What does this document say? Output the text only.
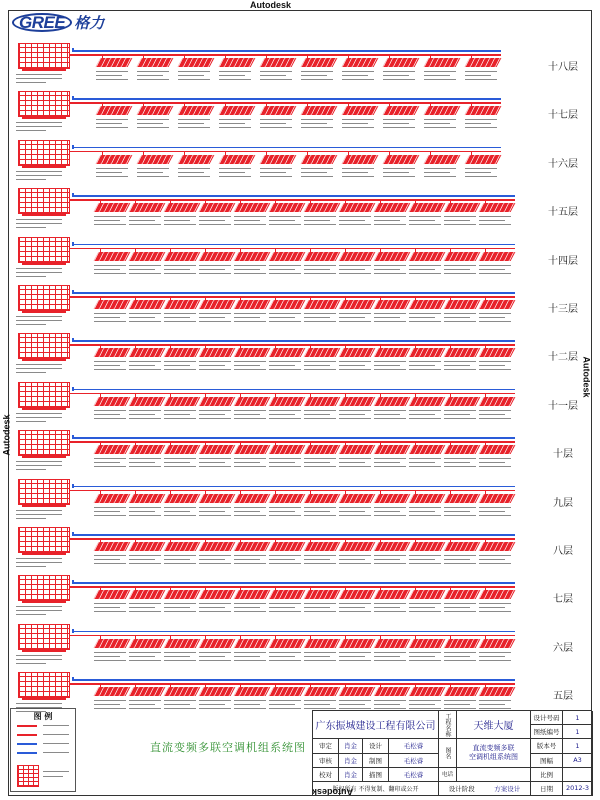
Autodesk
Autodesk
Autodesk
Autodesk
GREE 格力
十八层
十七层
十六层
十五层
十四层
十三层
十二层
十一层
十层
九层
八层
七层
六层
五层
图 例
直流变频多联空调机组系统图
广东振城建设工程有限公司	工程名称	天维大厦
审定	肖金	设计	毛松睿
审核	肖金	制图	毛松睿
校对	肖金	描图	毛松睿
图名	直流变频多联
空调机组系统图
电话
版权所有 不得复制、翻印或公开	设计阶段	方案设计
设计号码	1
图纸编号	1
版本号	1
图幅	A3
比例
日期	2012-3
